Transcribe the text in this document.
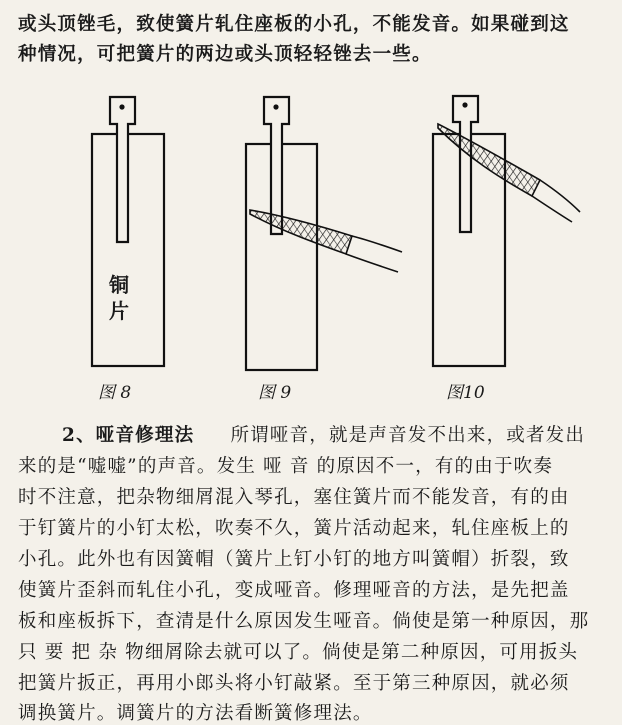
或头顶锉毛，致使簧片轧住座板的小孔，不能发音。如果碰到这
种情况，可把簧片的两边或头顶轻轻锉去一些。
铜
片
图 8	图 9	图10
2、哑音修理法 所谓哑音，就是声音发不出来，或者发出
来的是“嘘嘘”的声音。发生 哑 音 的原因不一，有的由于吹奏
时不注意，把杂物细屑混入琴孔，塞住簧片而不能发音，有的由
于钉簧片的小钉太松，吹奏不久，簧片活动起来，轧住座板上的
小孔。此外也有因簧帽（簧片上钉小钉的地方叫簧帽）折裂，致
使簧片歪斜而轧住小孔，变成哑音。修理哑音的方法，是先把盖
板和座板拆下，查清是什么原因发生哑音。倘使是第一种原因，那
只 要 把 杂 物细屑除去就可以了。倘使是第二种原因，可用扳头
把簧片扳正，再用小郎头将小钉敲紧。至于第三种原因，就必须
调换簧片。调簧片的方法看断簧修理法。
